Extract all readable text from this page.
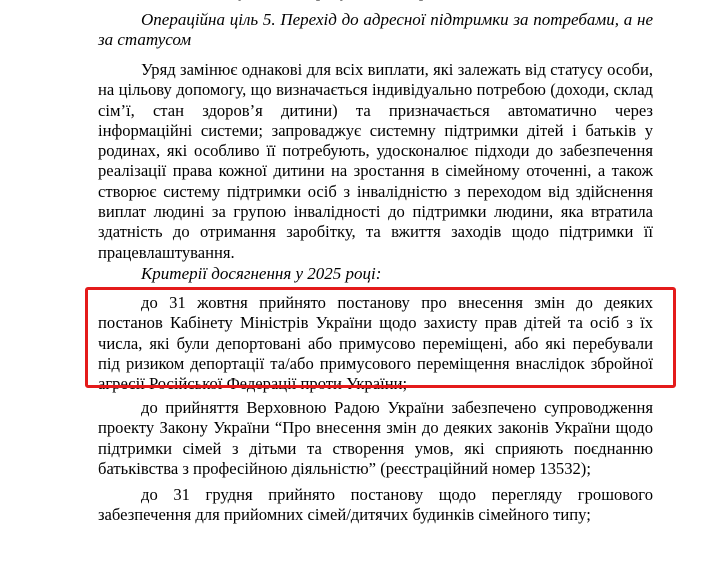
Операційна ціль 5. Перехід до адресної підтримки за потребами, а не за статусом
Уряд замінює однакові для всіх виплати, які залежать від статусу особи, на цільову допомогу, що визначається індивідуально потребою (доходи, склад сім’ї, стан здоров’я дитини) та призначається автоматично через інформаційні системи; запроваджує системну підтримки дітей і батьків у родинах, які особливо її потребують, удосконалює підходи до забезпечення реалізації права кожної дитини на зростання в сімейному оточенні, а також створює систему підтримки осіб з інвалідністю з переходом від здійснення виплат людині за групою інвалідності до підтримки людини, яка втратила здатність до отримання заробітку, та вжиття заходів щодо підтримки її працевлаштування.
Критерії досягнення у 2025 році:
до 31 жовтня прийнято постанову про внесення змін до деяких постанов Кабінету Міністрів України щодо захисту прав дітей та осіб з їх числа, які були депортовані або примусово переміщені, або які перебували під ризиком депортації та/або примусового переміщення внаслідок збройної агресії Російської Федерації проти України;
до прийняття Верховною Радою України забезпечено супроводження проекту Закону України “Про внесення змін до деяких законів України щодо підтримки сімей з дітьми та створення умов, які сприяють поєднанню батьківства з професійною діяльністю” (реєстраційний номер 13532);
до 31 грудня прийнято постанову щодо перегляду грошового забезпечення для прийомних сімей/дитячих будинків сімейного типу;
